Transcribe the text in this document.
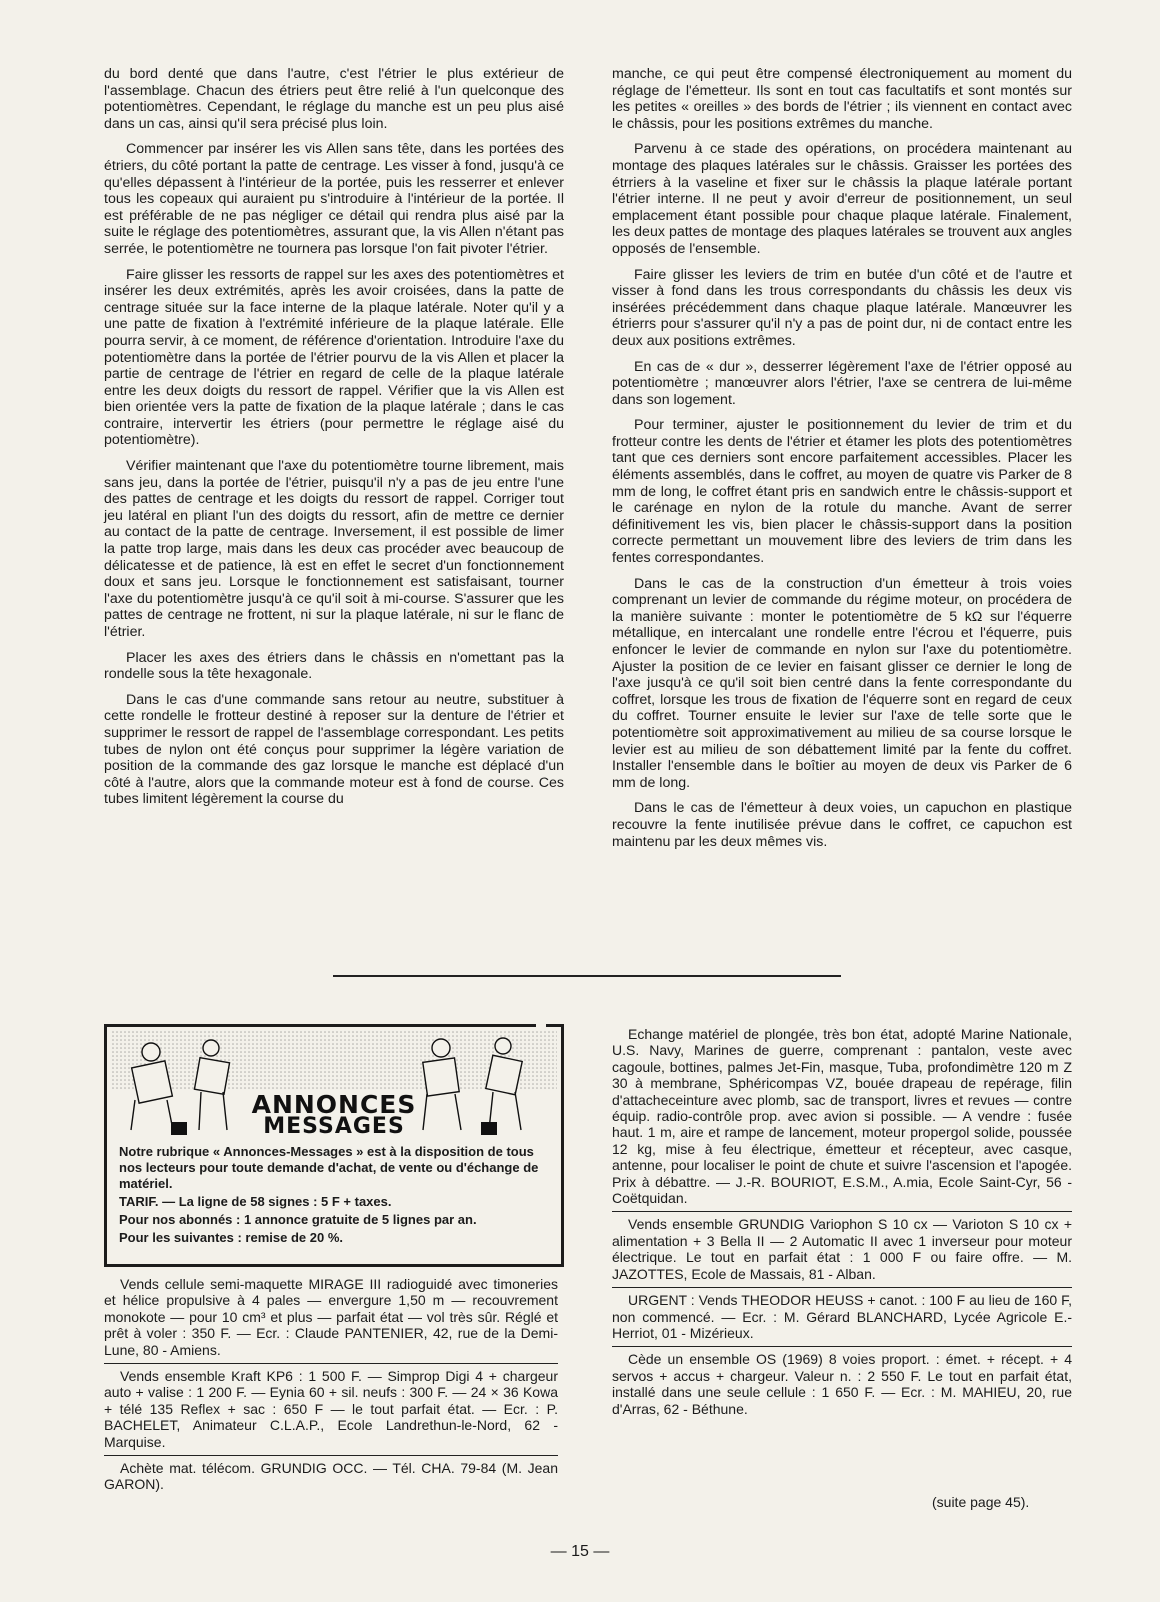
du bord denté que dans l'autre, c'est l'étrier le plus extérieur de l'assemblage. Chacun des étriers peut être relié à l'un quelconque des potentiomètres. Cependant, le réglage du manche est un peu plus aisé dans un cas, ainsi qu'il sera précisé plus loin.

Commencer par insérer les vis Allen sans tête, dans les portées des étriers, du côté portant la patte de centrage. Les visser à fond, jusqu'à ce qu'elles dépassent à l'intérieur de la portée, puis les resserrer et enlever tous les copeaux qui auraient pu s'introduire à l'intérieur de la portée. Il est préférable de ne pas négliger ce détail qui rendra plus aisé par la suite le réglage des potentiomètres, assurant que, la vis Allen n'étant pas serrée, le potentiomètre ne tournera pas lorsque l'on fait pivoter l'étrier.

Faire glisser les ressorts de rappel sur les axes des potentiomètres et insérer les deux extrémités, après les avoir croisées, dans la patte de centrage située sur la face interne de la plaque latérale. Noter qu'il y a une patte de fixation à l'extrémité inférieure de la plaque latérale. Elle pourra servir, à ce moment, de référence d'orientation. Introduire l'axe du potentiomètre dans la portée de l'étrier pourvu de la vis Allen et placer la partie de centrage de l'étrier en regard de celle de la plaque latérale entre les deux doigts du ressort de rappel. Vérifier que la vis Allen est bien orientée vers la patte de fixation de la plaque latérale ; dans le cas contraire, intervertir les étriers (pour permettre le réglage aisé du potentiomètre).

Vérifier maintenant que l'axe du potentiomètre tourne librement, mais sans jeu, dans la portée de l'étrier, puisqu'il n'y a pas de jeu entre l'une des pattes de centrage et les doigts du ressort de rappel. Corriger tout jeu latéral en pliant l'un des doigts du ressort, afin de mettre ce dernier au contact de la patte de centrage. Inversement, il est possible de limer la patte trop large, mais dans les deux cas procéder avec beaucoup de délicatesse et de patience, là est en effet le secret d'un fonctionnement doux et sans jeu. Lorsque le fonctionnement est satisfaisant, tourner l'axe du potentiomètre jusqu'à ce qu'il soit à mi-course. S'assurer que les pattes de centrage ne frottent, ni sur la plaque latérale, ni sur le flanc de l'étrier.

Placer les axes des étriers dans le châssis en n'omettant pas la rondelle sous la tête hexagonale.

Dans le cas d'une commande sans retour au neutre, substituer à cette rondelle le frotteur destiné à reposer sur la denture de l'étrier et supprimer le ressort de rappel de l'assemblage correspondant. Les petits tubes de nylon ont été conçus pour supprimer la légère variation de position de la commande des gaz lorsque le manche est déplacé d'un côté à l'autre, alors que la commande moteur est à fond de course. Ces tubes limitent légèrement la course du

manche, ce qui peut être compensé électroniquement au moment du réglage de l'émetteur. Ils sont en tout cas facultatifs et sont montés sur les petites « oreilles » des bords de l'étrier ; ils viennent en contact avec le châssis, pour les positions extrêmes du manche.

Parvenu à ce stade des opérations, on procédera maintenant au montage des plaques latérales sur le châssis. Graisser les portées des étrriers à la vaseline et fixer sur le châssis la plaque latérale portant l'étrier interne. Il ne peut y avoir d'erreur de positionnement, un seul emplacement étant possible pour chaque plaque latérale. Finalement, les deux pattes de montage des plaques latérales se trouvent aux angles opposés de l'ensemble.

Faire glisser les leviers de trim en butée d'un côté et de l'autre et visser à fond dans les trous correspondants du châssis les deux vis insérées précédemment dans chaque plaque latérale. Manœuvrer les étrierrs pour s'assurer qu'il n'y a pas de point dur, ni de contact entre les deux aux positions extrêmes.

En cas de « dur », desserrer légèrement l'axe de l'étrier opposé au potentiomètre ; manœuvrer alors l'étrier, l'axe se centrera de lui-même dans son logement.

Pour terminer, ajuster le positionnement du levier de trim et du frotteur contre les dents de l'étrier et étamer les plots des potentiomètres tant que ces derniers sont encore parfaitement accessibles. Placer les éléments assemblés, dans le coffret, au moyen de quatre vis Parker de 8 mm de long, le coffret étant pris en sandwich entre le châssis-support et le carénage en nylon de la rotule du manche. Avant de serrer définitivement les vis, bien placer le châssis-support dans la position correcte permettant un mouvement libre des leviers de trim dans les fentes correspondantes.

Dans le cas de la construction d'un émetteur à trois voies comprenant un levier de commande du régime moteur, on procédera de la manière suivante : monter le potentiomètre de 5 kΩ sur l'équerre métallique, en intercalant une rondelle entre l'écrou et l'équerre, puis enfoncer le levier de commande en nylon sur l'axe du potentiomètre. Ajuster la position de ce levier en faisant glisser ce dernier le long de l'axe jusqu'à ce qu'il soit bien centré dans la fente correspondante du coffret, lorsque les trous de fixation de l'équerre sont en regard de ceux du coffret. Tourner ensuite le levier sur l'axe de telle sorte que le potentiomètre soit approximativement au milieu de sa course lorsque le levier est au milieu de son débattement limité par la fente du coffret. Installer l'ensemble dans le boîtier au moyen de deux vis Parker de 6 mm de long.

Dans le cas de l'émetteur à deux voies, un capuchon en plastique recouvre la fente inutilisée prévue dans le coffret, ce capuchon est maintenu par les deux mêmes vis.

ANNONCES
MESSAGES
Notre rubrique « Annonces-Messages » est à la disposition de tous nos lecteurs pour toute demande d'achat, de vente ou d'échange de matériel.
TARIF. — La ligne de 58 signes : 5 F + taxes.
Pour nos abonnés : 1 annonce gratuite de 5 lignes par an.
Pour les suivantes : remise de 20 %.
Vends cellule semi-maquette MIRAGE III radioguidé avec timoneries et hélice propulsive à 4 pales — envergure 1,50 m — recouvrement monokote — pour 10 cm³ et plus — parfait état — vol très sûr. Réglé et prêt à voler : 350 F. — Ecr. : Claude PANTENIER, 42, rue de la Demi-Lune, 80 - Amiens.
Vends ensemble Kraft KP6 : 1 500 F. — Simprop Digi 4 + chargeur auto + valise : 1 200 F. — Eynia 60 + sil. neufs : 300 F. — 24 × 36 Kowa + télé 135 Reflex + sac : 650 F — le tout parfait état. — Ecr. : P. BACHELET, Animateur C.L.A.P., Ecole Landrethun-le-Nord, 62 - Marquise.
Achète mat. télécom. GRUNDIG OCC. — Tél. CHA. 79-84 (M. Jean GARON).
Echange matériel de plongée, très bon état, adopté Marine Nationale, U.S. Navy, Marines de guerre, comprenant : pantalon, veste avec cagoule, bottines, palmes Jet-Fin, masque, Tuba, profondimètre 120 m Z 30 à membrane, Sphéricompas VZ, bouée drapeau de repérage, filin d'attacheceinture avec plomb, sac de transport, livres et revues — contre équip. radio-contrôle prop. avec avion si possible. — A vendre : fusée haut. 1 m, aire et rampe de lancement, moteur propergol solide, poussée 12 kg, mise à feu électrique, émetteur et récepteur, avec casque, antenne, pour localiser le point de chute et suivre l'ascension et l'apogée. Prix à débattre. — J.-R. BOURIOT, E.S.M., A.mia, Ecole Saint-Cyr, 56 - Coëtquidan.
Vends ensemble GRUNDIG Variophon S 10 cx — Varioton S 10 cx + alimentation + 3 Bella II — 2 Automatic II avec 1 inverseur pour moteur électrique. Le tout en parfait état : 1 000 F ou faire offre. — M. JAZOTTES, Ecole de Massais, 81 - Alban.
URGENT : Vends THEODOR HEUSS + canot. : 100 F au lieu de 160 F, non commencé. — Ecr. : M. Gérard BLANCHARD, Lycée Agricole E.-Herriot, 01 - Mizérieux.
Cède un ensemble OS (1969) 8 voies proport. : émet. + récept. + 4 servos + accus + chargeur. Valeur n. : 2 550 F. Le tout en parfait état, installé dans une seule cellule : 1 650 F. — Ecr. : M. MAHIEU, 20, rue d'Arras, 62 - Béthune.
(suite page 45).
— 15 —
